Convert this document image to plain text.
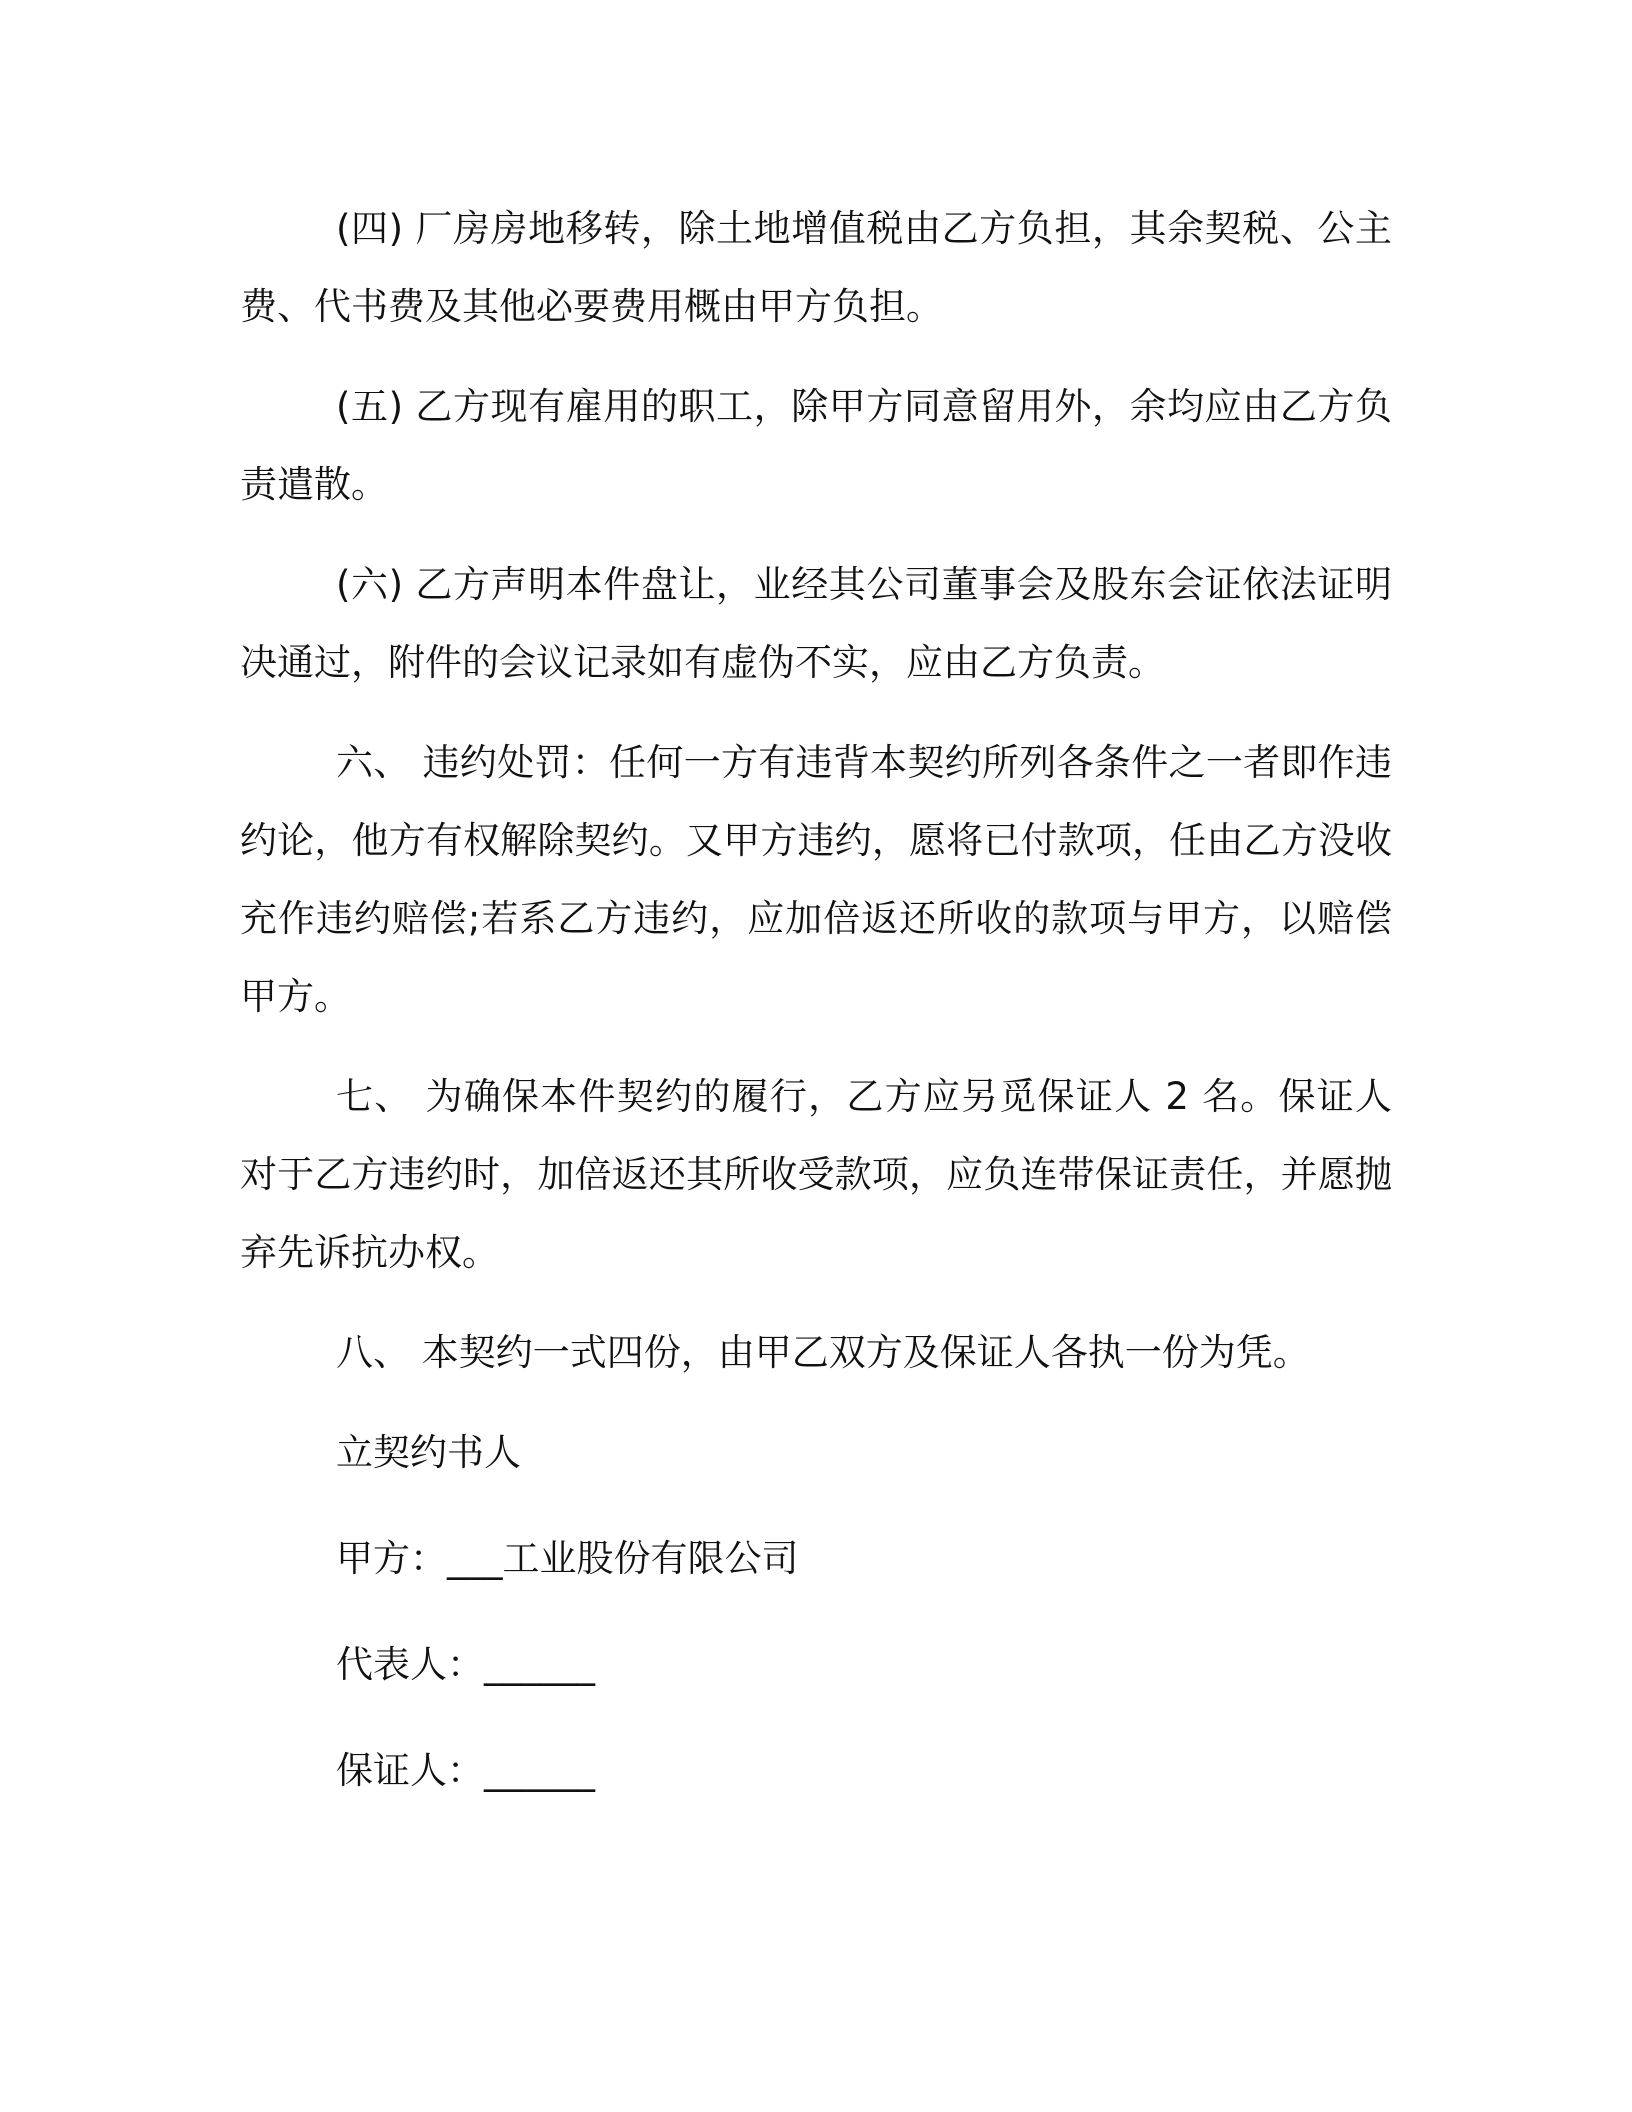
(四) 厂房房地移转，除土地增值税由乙方负担，其余契税、公主费、代书费及其他必要费用概由甲方负担。

(五) 乙方现有雇用的职工，除甲方同意留用外，余均应由乙方负责遣散。

(六) 乙方声明本件盘让，业经其公司董事会及股东会证依法证明决通过，附件的会议记录如有虚伪不实，应由乙方负责。

六、 违约处罚：任何一方有违背本契约所列各条件之一者即作违约论，他方有权解除契约。又甲方违约，愿将已付款项，任由乙方没收充作违约赔偿;若系乙方违约，应加倍返还所收的款项与甲方，以赔偿甲方。

七、 为确保本件契约的履行，乙方应另觅保证人 2 名。保证人对于乙方违约时，加倍返还其所收受款项，应负连带保证责任，并愿抛弃先诉抗办权。

八、 本契约一式四份，由甲乙双方及保证人各执一份为凭。

立契约书人
甲方：___工业股份有限公司
代表人：______
保证人：______
